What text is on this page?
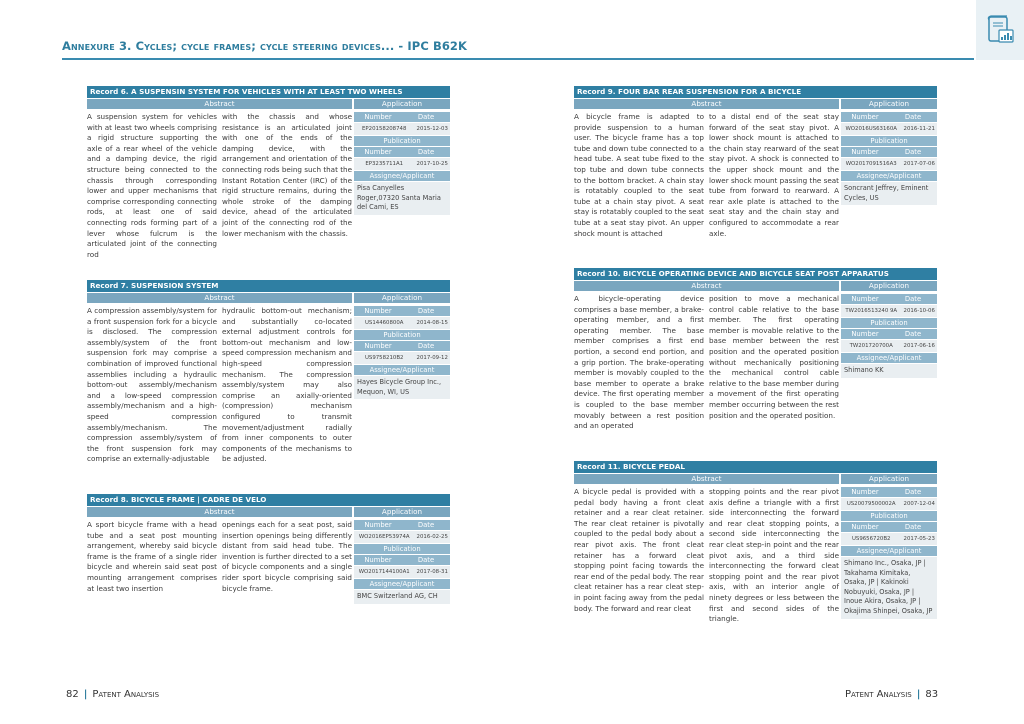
Annexure 3. Cycles; cycle frames; cycle steering devices... - IPC B62K
Record 6. A SUSPENSIN SYSTEM FOR VEHICLES WITH AT LEAST TWO WHEELS
Abstract	Application
A suspension system for vehicles with at least two wheels comprising a rigid structure supporting the axle of a rear wheel of the vehicle and a damping device, the rigid structure being connected to the chassis through corresponding lower and upper mechanisms that comprise corresponding connecting rods, at least one of said connecting rods forming part of a lever whose fulcrum is the articulated joint of the connecting rod
with the chassis and whose resistance is an articulated joint with one of the ends of the damping device, with the arrangement and orientation of the connecting rods being such that the Instant Rotation Center (IRC) of the rigid structure remains, during the whole stroke of the damping device, ahead of the articulated joint of the connecting rod of the lower mechanism with the chassis.
Number	Date
EP20158208748	2015-12-03
Publication
Number	Date
EP3235711A1	2017-10-25
Assignee/Applicant
Pisa Canyelles Roger,07320 Santa Maria del Cami, ES
Record 7. SUSPENSION SYSTEM
Abstract	Application
A compression assembly/system for a front suspension fork for a bicycle is disclosed. The compression assembly/system of the front suspension fork may comprise a combination of improved functional assemblies including a hydraulic bottom-out assembly/mechanism and a low-speed compression assembly/mechanism and a high-speed compression assembly/mechanism. The compression assembly/system of the front suspension fork may comprise an externally-adjustable
hydraulic bottom-out mechanism; and substantially co-located external adjustment controls for bottom-out mechanism and low-speed compression mechanism and high-speed compression mechanism. The compression assembly/system may also comprise an axially-oriented (compression) mechanism configured to transmit movement/adjustment radially from inner components to outer components of the mechanisms to be adjusted.
Number	Date
US14460800A	2014-08-15
Publication
Number	Date
US9758210B2	2017-09-12
Assignee/Applicant
Hayes Bicycle Group Inc., Mequon, WI, US
Record 8. BICYCLE FRAME | CADRE DE VELO
Abstract	Application
A sport bicycle frame with a head tube and a seat post mounting arrangement, whereby said bicycle frame is the frame of a single rider bicycle and wherein said seat post mounting arrangement comprises at least two insertion
openings each for a seat post, said insertion openings being differently distant from said head tube. The invention is further directed to a set of bicycle components and a single rider sport bicycle comprising said bicycle frame.
Number	Date
WO2016EP53974A	2016-02-25
Publication
Number	Date
WO2017144100A1	2017-08-31
Assignee/Applicant
BMC Switzerland AG, CH
Record 9. FOUR BAR REAR SUSPENSION FOR A BICYCLE
Abstract	Application
A bicycle frame is adapted to provide suspension to a human user. The bicycle frame has a top tube and down tube connected to a head tube. A seat tube fixed to the top tube and down tube connects to the bottom bracket. A chain stay is rotatably coupled to the seat tube at a chain stay pivot. A seat stay is rotatably coupled to the seat tube at a seat stay pivot. An upper shock mount is attached
to a distal end of the seat stay forward of the seat stay pivot. A lower shock mount is attached to the chain stay rearward of the seat stay pivot. A shock is connected to the upper shock mount and the lower shock mount passing the seat tube from forward to rearward. A rear axle plate is attached to the seat stay and the chain stay and configured to accommodate a rear axle.
Number	Date
WO2016US63160A	2016-11-21
Publication
Number	Date
WO2017091516A3	2017-07-06
Assignee/Applicant
Soncrant Jeffrey, Eminent Cycles, US
Record 10. BICYCLE OPERATING DEVICE AND BICYCLE SEAT POST APPARATUS
Abstract	Application
A bicycle-operating device comprises a base member, a brake-operating member, and a first operating member. The base member comprises a first end portion, a second end portion, and a grip portion. The brake-operating member is movably coupled to the base member to operate a brake device. The first operating member is coupled to the base member movably between a rest position and an operated
position to move a mechanical control cable relative to the base member. The first operating member is movable relative to the base member between the rest position and the operated position without mechanically positioning the mechanical control cable relative to the base member during a movement of the first operating member occurring between the rest position and the operated position.
Number	Date
TW2016513240 9A	2016-10-06
Publication
Number	Date
TW201720700A	2017-06-16
Assignee/Applicant
Shimano KK
Record 11. BICYCLE PEDAL
Abstract	Application
A bicycle pedal is provided with a pedal body having a front cleat retainer and a rear cleat retainer. The rear cleat retainer is pivotally coupled to the pedal body about a rear pivot axis. The front cleat retainer has a forward cleat stopping point facing towards the rear end of the pedal body. The rear cleat retainer has a rear cleat step-in point facing away from the pedal body. The forward and rear cleat
stopping points and the rear pivot axis define a triangle with a first side interconnecting the forward and rear cleat stopping points, a second side interconnecting the rear cleat step-in point and the rear pivot axis, and a third side interconnecting the forward cleat stopping point and the rear pivot axis, with an interior angle of ninety degrees or less between the first and second sides of the triangle.
Number	Date
US20079500002A	2007-12-04
Publication
Number	Date
US9656720B2	2017-05-23
Assignee/Applicant
Shimano Inc., Osaka, JP | Takahama Kimitaka, Osaka, JP | Kakinoki Nobuyuki, Osaka, JP | Inoue Akira, Osaka, JP | Okajima Shinpei, Osaka, JP
82 | Patent Analysis	Patent Analysis | 83
